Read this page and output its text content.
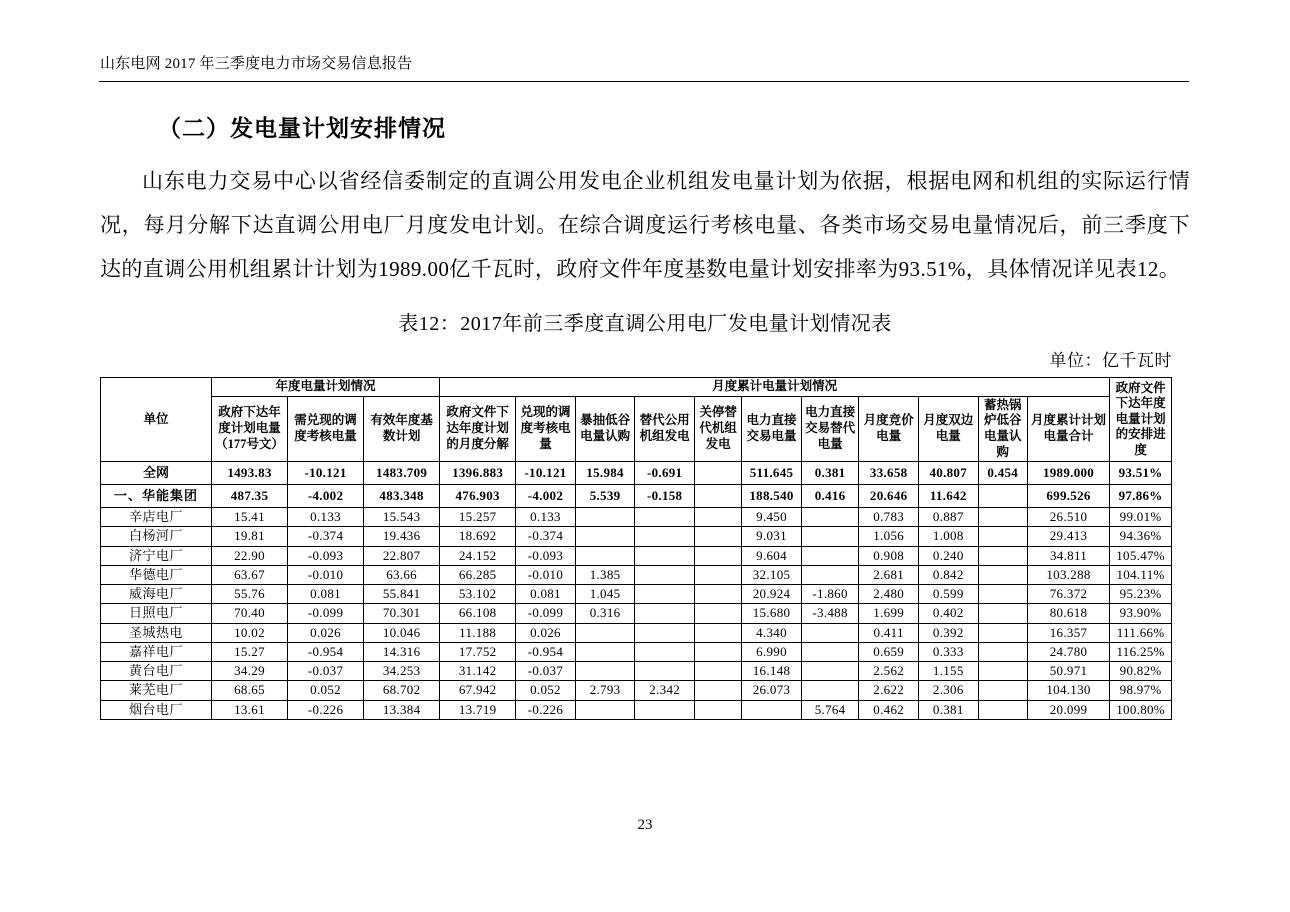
山东电网 2017 年三季度电力市场交易信息报告
（二）发电量计划安排情况
山东电力交易中心以省经信委制定的直调公用发电企业机组发电量计划为依据，根据电网和机组的实际运行情况，每月分解下达直调公用电厂月度发电计划。在综合调度运行考核电量、各类市场交易电量情况后，前三季度下达的直调公用机组累计计划为1989.00亿千瓦时，政府文件年度基数电量计划安排率为93.51%，具体情况详见表12。
表12：2017年前三季度直调公用电厂发电量计划情况表
单位：亿千瓦时
单位	年度电量计划情况			月度累计电量计划情况											政府文件下达年度电量计划的安排进度
	政府下达年度计划电量（177号文）	需兑现的调度考核电量	有效年度基数计划	政府文件下达年度计划的月度分解	兑现的调度考核电量	暴抽低谷电量认购	替代公用机组发电	关停替代机组发电	电力直接交易电量	电力直接交易替代电量	月度竞价电量	月度双边电量	蓄热锅炉低谷电量认购	月度累计计划电量合计	
全网	1493.83	-10.121	1483.709	1396.883	-10.121	15.984	-0.691		511.645	0.381	33.658	40.807	0.454	1989.000	93.51%
一、华能集团	487.35	-4.002	483.348	476.903	-4.002	5.539	-0.158		188.540	0.416	20.646	11.642		699.526	97.86%
辛店电厂	15.41	0.133	15.543	15.257	0.133				9.450		0.783	0.887		26.510	99.01%
白杨河厂	19.81	-0.374	19.436	18.692	-0.374				9.031		1.056	1.008		29.413	94.36%
济宁电厂	22.90	-0.093	22.807	24.152	-0.093				9.604		0.908	0.240		34.811	105.47%
华德电厂	63.67	-0.010	63.66	66.285	-0.010	1.385			32.105		2.681	0.842		103.288	104.11%
威海电厂	55.76	0.081	55.841	53.102	0.081	1.045			20.924	-1.860	2.480	0.599		76.372	95.23%
日照电厂	70.40	-0.099	70.301	66.108	-0.099	0.316			15.680	-3.488	1.699	0.402		80.618	93.90%
圣城热电	10.02	0.026	10.046	11.188	0.026				4.340		0.411	0.392		16.357	111.66%
嘉祥电厂	15.27	-0.954	14.316	17.752	-0.954				6.990		0.659	0.333		24.780	116.25%
黄台电厂	34.29	-0.037	34.253	31.142	-0.037				16.148		2.562	1.155		50.971	90.82%
莱芜电厂	68.65	0.052	68.702	67.942	0.052	2.793	2.342		26.073		2.622	2.306		104.130	98.97%
烟台电厂	13.61	-0.226	13.384	13.719	-0.226					5.764	0.462	0.381		20.099	100.80%
23
